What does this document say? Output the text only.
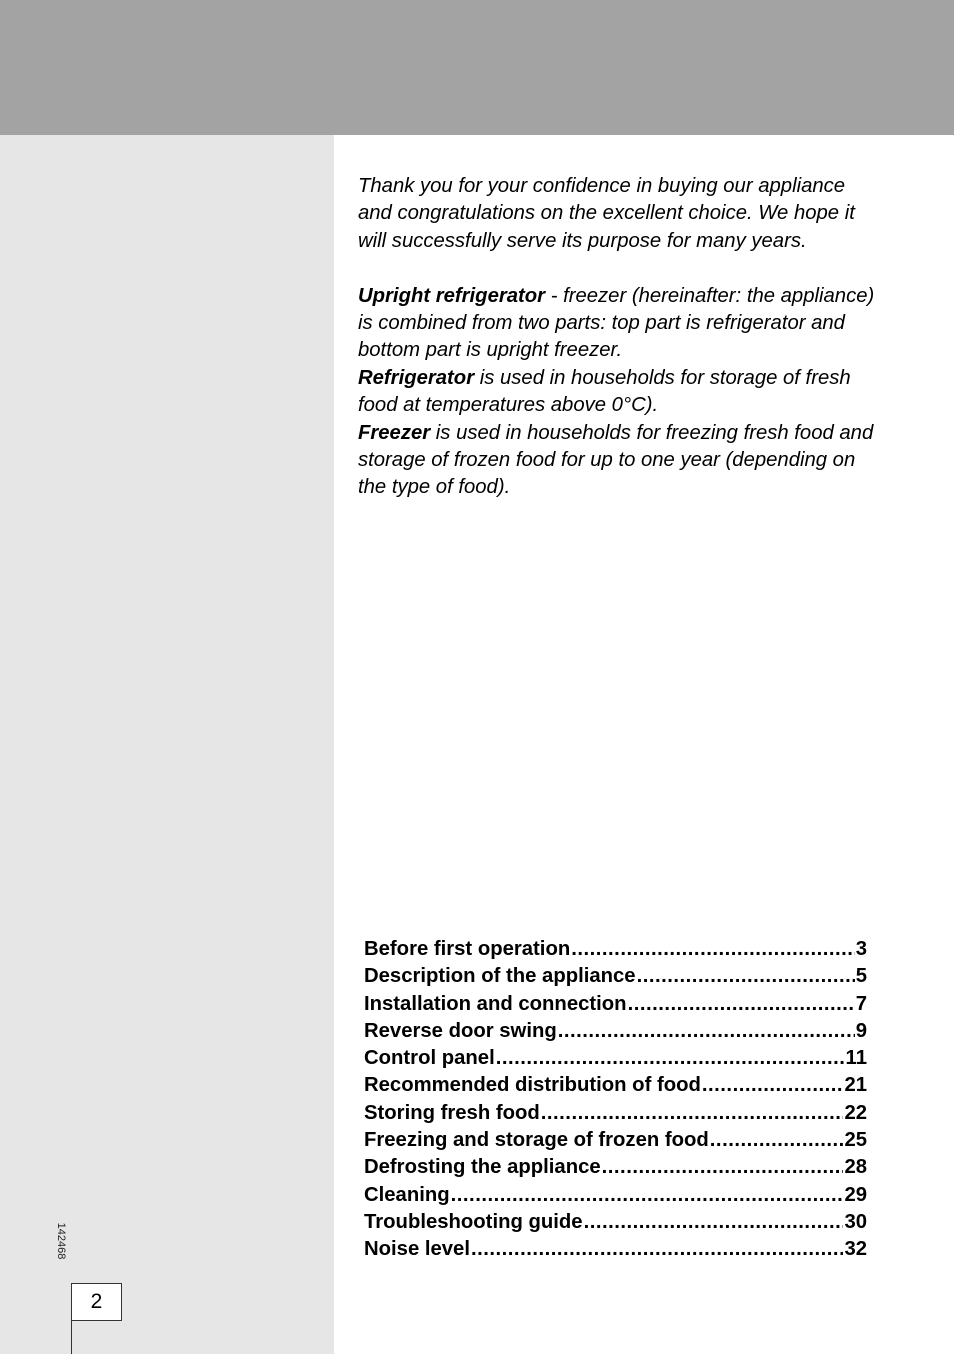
Thank you for your confidence in buying our appliance and congratulations on the excellent choice. We hope it will successfully serve its purpose for many years.

Upright refrigerator - freezer (hereinafter: the appliance) is combined from two parts: top part is refrigerator and bottom part is upright freezer.

Refrigerator is used in households for storage of fresh food at temperatures above 0°C).

Freezer is used in households for freezing fresh food and storage of frozen food for up to one year (depending on the type of food).

Before first operation .....	3
Description of the appliance .....	5
Installation and connection .....	7
Reverse door swing .....	9
Control panel .....	11
Recommended distribution of food .....	21
Storing fresh food .....	22
Freezing and storage of frozen food .....	25
Defrosting the appliance .....	28
Cleaning .....	29
Troubleshooting guide .....	30
Noise level .....	32
142468
2
